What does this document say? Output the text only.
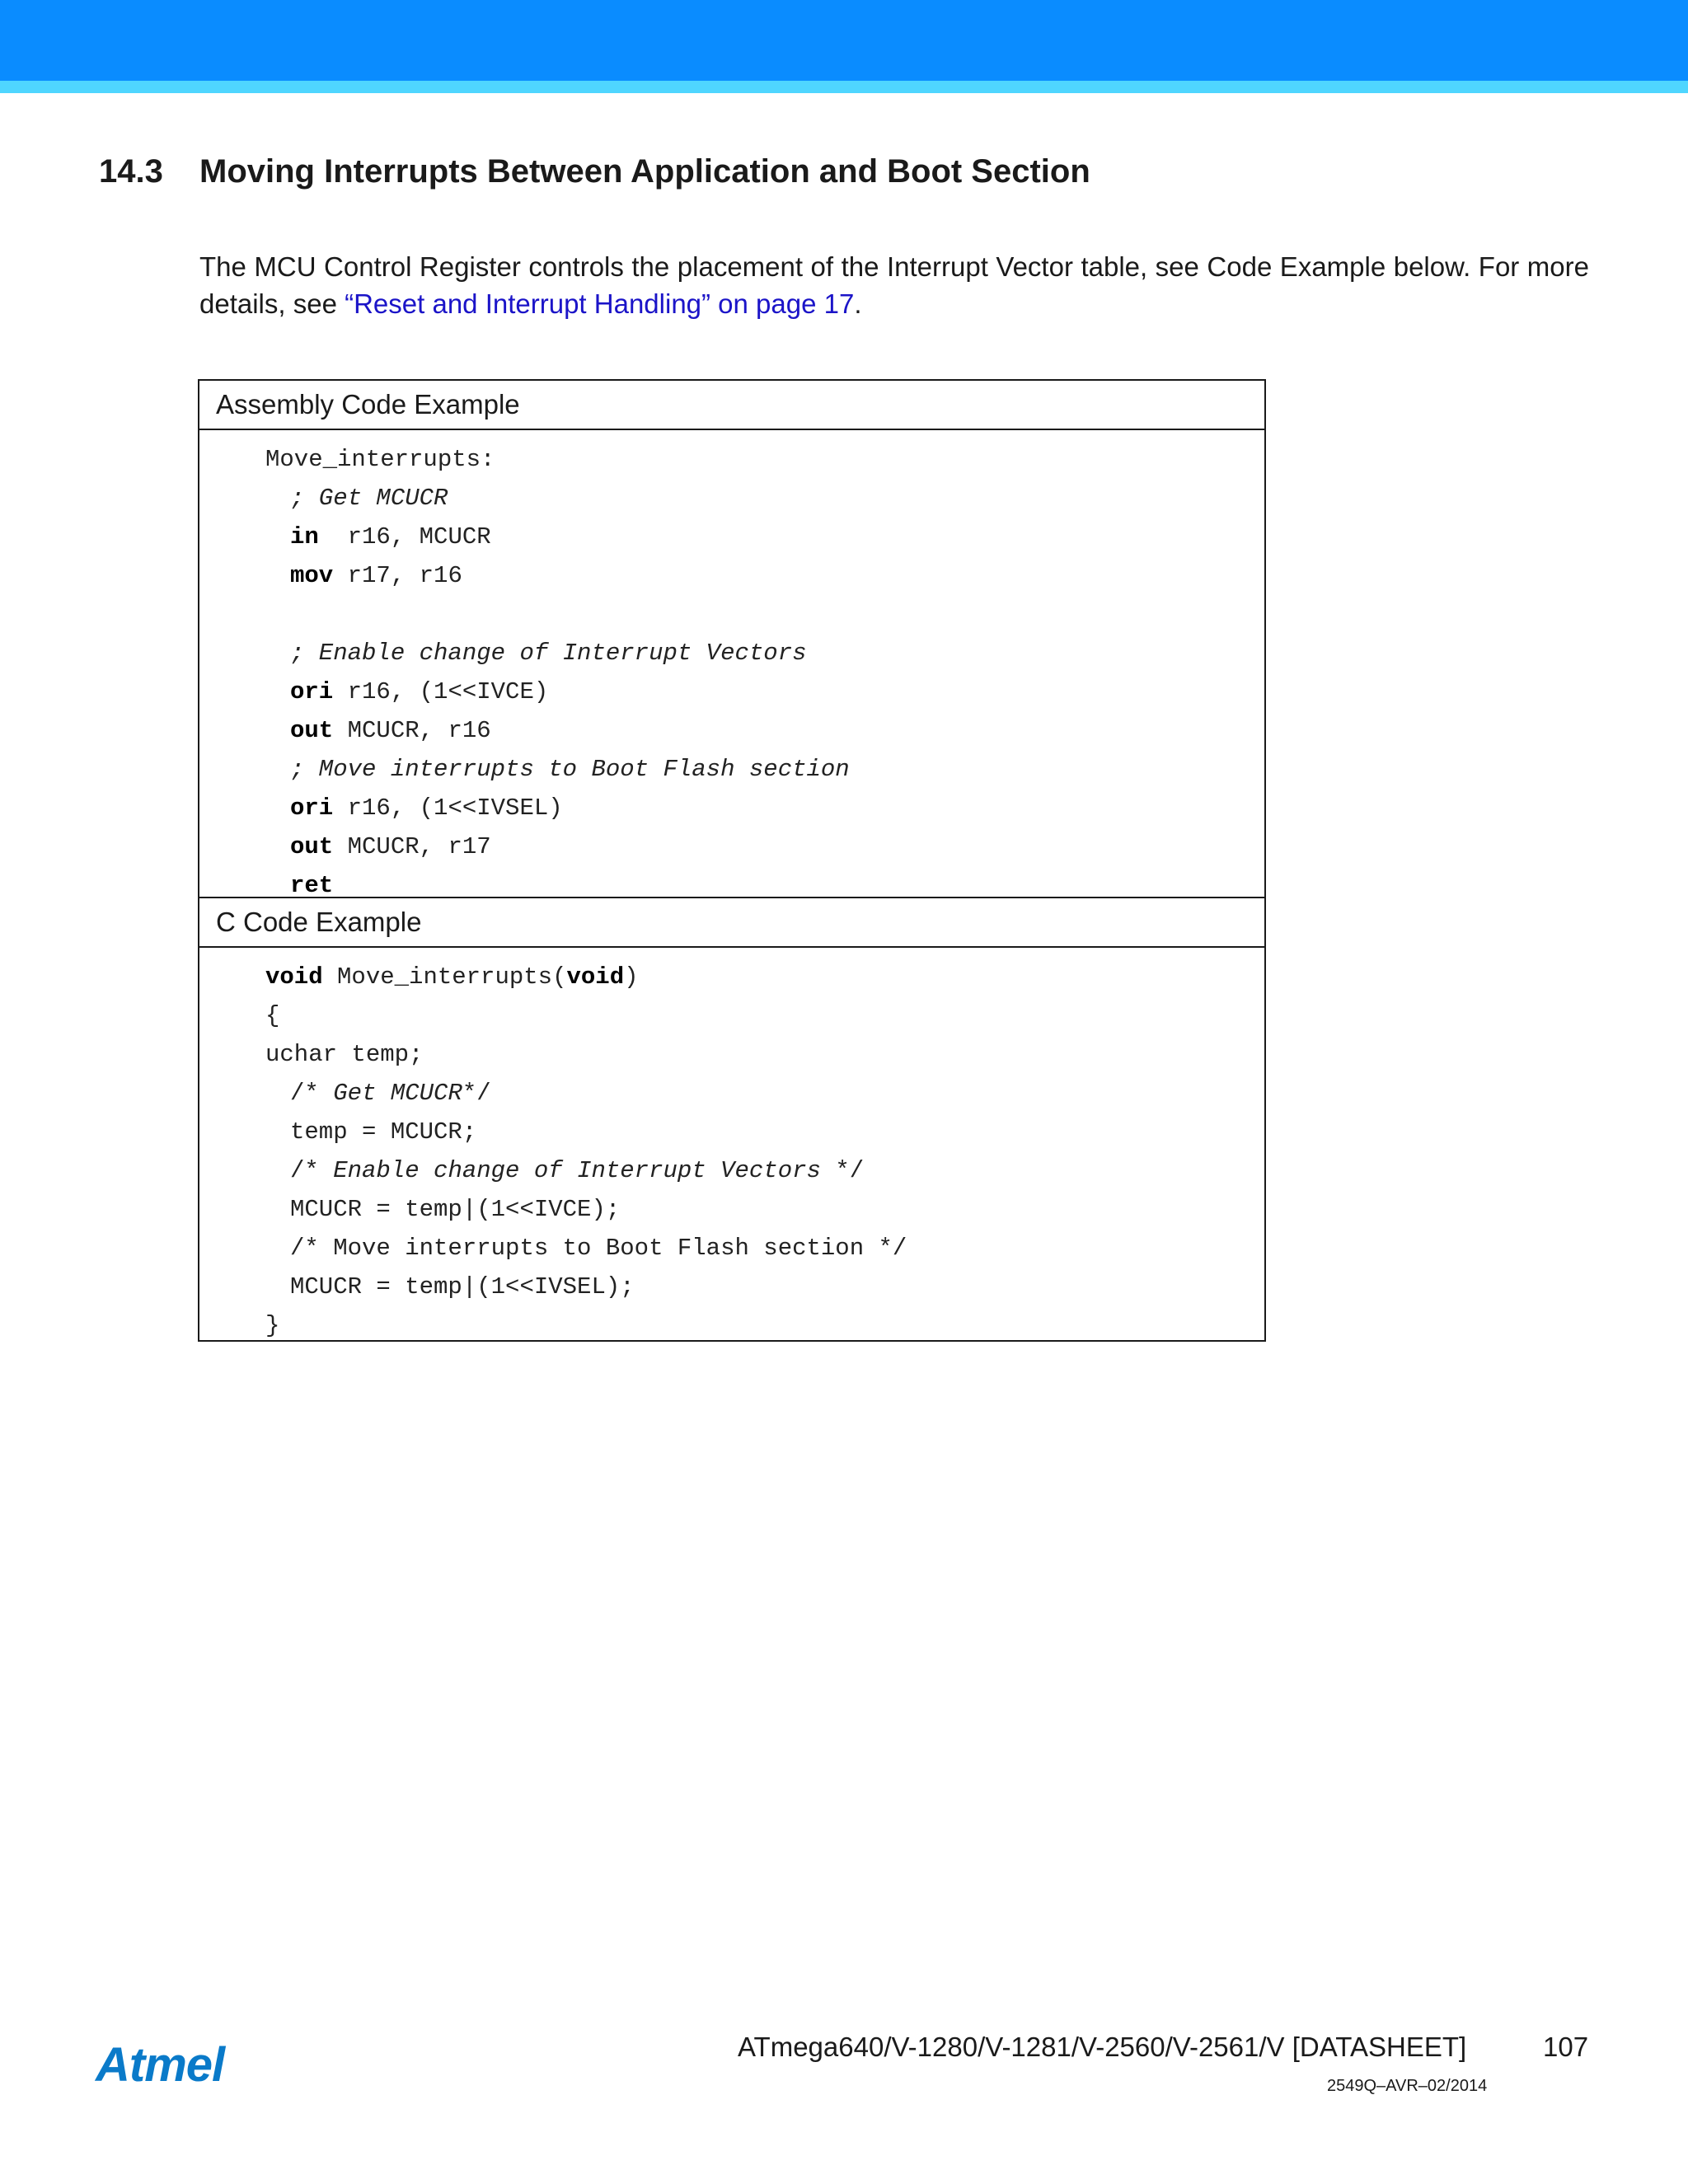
14.3 Moving Interrupts Between Application and Boot Section

The MCU Control Register controls the placement of the Interrupt Vector table, see Code Example below. For more details, see “Reset and Interrupt Handling” on page 17.

Assembly Code Example
Move_interrupts:
; Get MCUCR
in  r16, MCUCR
mov r17, r16
; Enable change of Interrupt Vectors
ori r16, (1<<IVCE)
out MCUCR, r16
; Move interrupts to Boot Flash section
ori r16, (1<<IVSEL)
out MCUCR, r17
ret
C Code Example
void Move_interrupts(void)
{
uchar temp;
/* Get MCUCR*/
temp = MCUCR;
/* Enable change of Interrupt Vectors */
MCUCR = temp|(1<<IVCE);
/* Move interrupts to Boot Flash section */
MCUCR = temp|(1<<IVSEL);
}
Atmel	ATmega640/V-1280/V-1281/V-2560/V-2561/V [DATASHEET]	107
2549Q–AVR–02/2014
